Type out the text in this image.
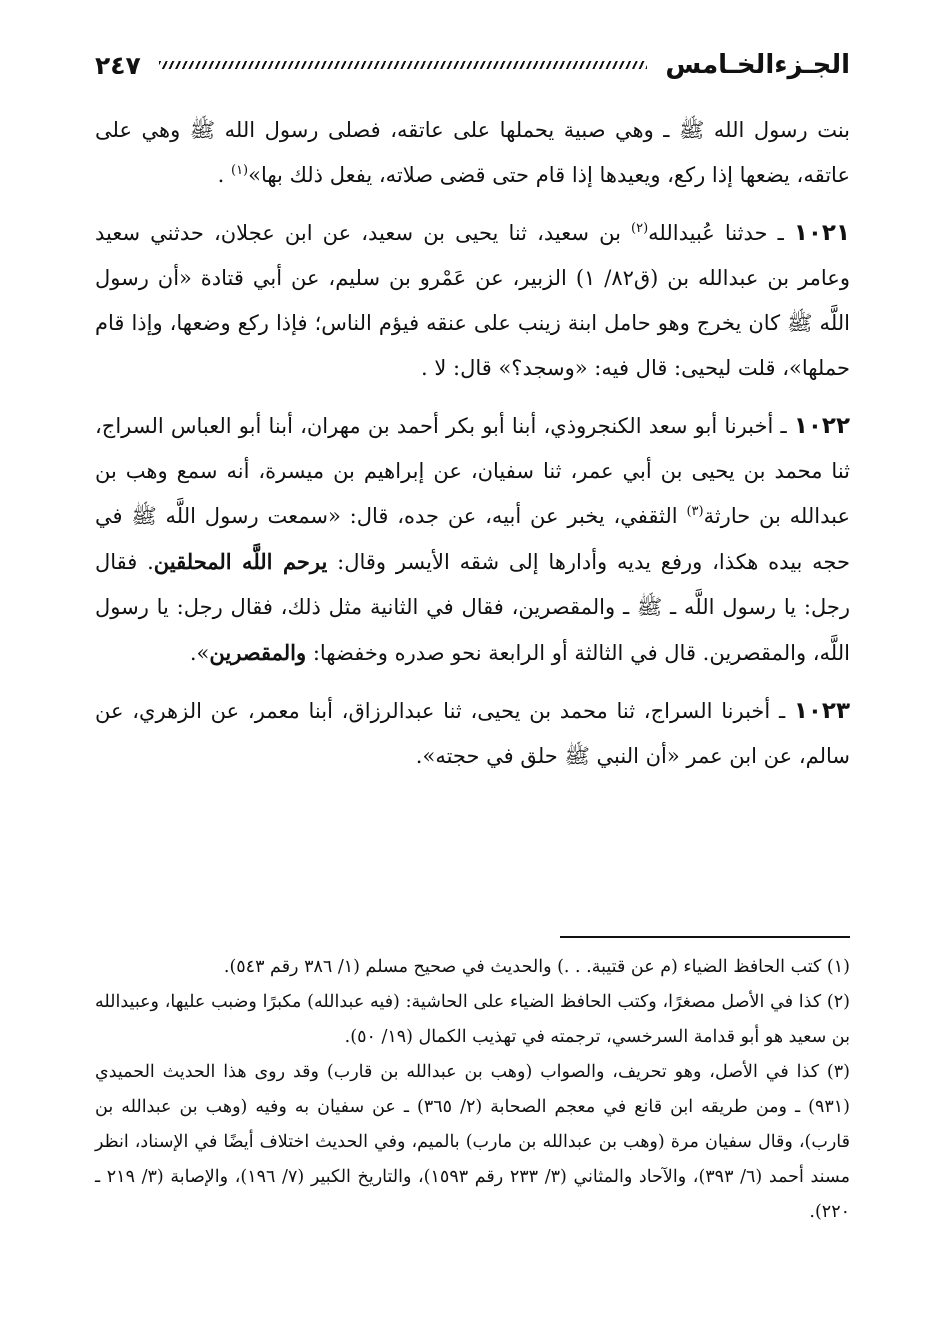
الجـزءالخـامس
٢٤٧

بنت رسول الله ﷺ ـ وهي صبية يحملها على عاتقه، فصلى رسول الله ﷺ وهي على عاتقه، يضعها إذا ركع، ويعيدها إذا قام حتى قضى صلاته، يفعل ذلك بها»$^{(١)}$ .

١٠٢١ ـ حدثنا عُبيدالله$^{(٢)}$ بن سعيد، ثنا يحيى بن سعيد، عن ابن عجلان، حدثني سعيد وعامر بن عبدالله بن (ق٨٢/ ١) الزبير، عن عَمْرو بن سليم، عن أبي قتادة «أن رسول اللَّه ﷺ كان يخرج وهو حامل ابنة زينب على عنقه فيؤم الناس؛ فإذا ركع وضعها، وإذا قام حملها»، قلت ليحيى: قال فيه: «وسجد؟» قال: لا .

١٠٢٢ ـ أخبرنا أبو سعد الكنجروذي، أبنا أبو بكر أحمد بن مهران، أبنا أبو العباس السراج، ثنا محمد بن يحيى بن أبي عمر، ثنا سفيان، عن إبراهيم بن ميسرة، أنه سمع وهب بن عبدالله بن حارثة$^{(٣)}$ الثقفي، يخبر عن أبيه، عن جده، قال: «سمعت رسول اللَّه ﷺ في حجه بيده هكذا، ورفع يديه وأدارها إلى شقه الأيسر وقال: يرحم اللَّه المحلقين. فقال رجل: يا رسول اللَّه ـ ﷺ ـ والمقصرين، فقال في الثانية مثل ذلك، فقال رجل: يا رسول اللَّه، والمقصرين. قال في الثالثة أو الرابعة نحو صدره وخفضها: والمقصرين».

١٠٢٣ ـ أخبرنا السراج، ثنا محمد بن يحيى، ثنا عبدالرزاق، أبنا معمر، عن الزهري، عن سالم، عن ابن عمر «أن النبي ﷺ حلق في حجته».

(١) كتب الحافظ الضياء (م عن قتيبة. . .) والحديث في صحيح مسلم (١/ ٣٨٦ رقم ٥٤٣).

(٢) كذا في الأصل مصغرًا، وكتب الحافظ الضياء على الحاشية: (فيه عبدالله) مكبرًا وضبب عليها، وعبيدالله بن سعيد هو أبو قدامة السرخسي، ترجمته في تهذيب الكمال (١٩/ ٥٠).

(٣) كذا في الأصل، وهو تحريف، والصواب (وهب بن عبدالله بن قارب) وقد روى هذا الحديث الحميدي (٩٣١) ـ ومن طريقه ابن قانع في معجم الصحابة (٢/ ٣٦٥) ـ عن سفيان به وفيه (وهب بن عبدالله بن قارب)، وقال سفيان مرة (وهب بن عبدالله بن مارب) بالميم، وفي الحديث اختلاف أيضًا في الإسناد، انظر مسند أحمد (٦/ ٣٩٣)، والآحاد والمثاني (٣/ ٢٣٣ رقم ١٥٩٣)، والتاريخ الكبير (٧/ ١٩٦)، والإصابة (٣/ ٢١٩ ـ ٢٢٠).
